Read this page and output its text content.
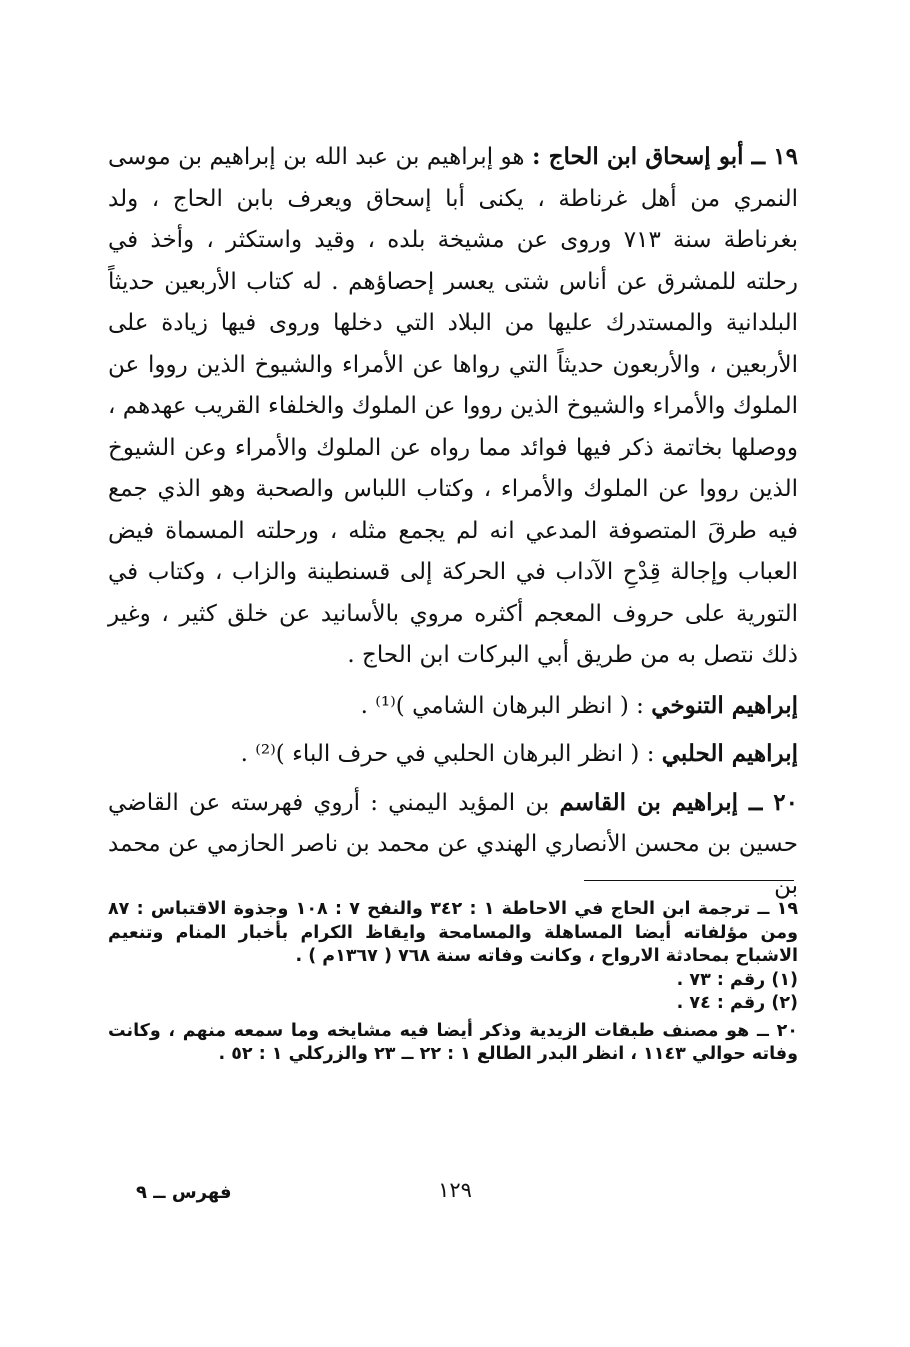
١٩ ــ أبو إسحاق ابن الحاج : هو إبراهيم بن عبد الله بن إبراهيم بن موسى النمري من أهل غرناطة ، يكنى أبا إسحاق ويعرف بابن الحاج ، ولد بغرناطة سنة ٧١٣ وروى عن مشيخة بلده ، وقيد واستكثر ، وأخذ في رحلته للمشرق عن أناس شتى يعسر إحصاؤهم . له كتاب الأربعين حديثاً البلدانية والمستدرك عليها من البلاد التي دخلها وروى فيها زيادة على الأربعين ، والأربعون حديثاً التي رواها عن الأمراء والشيوخ الذين رووا عن الملوك والأمراء والشيوخ الذين رووا عن الملوك والخلفاء القريب عهدهم ، ووصلها بخاتمة ذكر فيها فوائد مما رواه عن الملوك والأمراء وعن الشيوخ الذين رووا عن الملوك والأمراء ، وكتاب اللباس والصحبة وهو الذي جمع فيه طرقَ المتصوفة المدعي انه لم يجمع مثله ، ورحلته المسماة فيض العباب وإجالة قِدْحِ الآداب في الحركة إلى قسنطينة والزاب ، وكتاب في التورية على حروف المعجم أكثره مروي بالأسانيد عن خلق كثير ، وغير ذلك نتصل به من طريق أبي البركات ابن الحاج .

إبراهيم التنوخي : ( انظر البرهان الشامي )⁽¹⁾ .

إبراهيم الحلبي : ( انظر البرهان الحلبي في حرف الباء )⁽²⁾ .

٢٠ ــ إبراهيم بن القاسم بن المؤيد اليمني : أروي فهرسته عن القاضي حسين بن محسن الأنصاري الهندي عن محمد بن ناصر الحازمي عن محمد بن

١٩ ــ ترجمة ابن الحاج في الاحاطة ١ : ٣٤٢ والنفح ٧ : ١٠٨ وجذوة الاقتباس : ٨٧ ومن مؤلفاته أيضا المساهلة والمسامحة وايقاظ الكرام بأخبار المنام وتنعيم الاشباح بمحادثة الارواح ، وكانت وفاته سنة ٧٦٨ ( ١٣٦٧م ) .

(١) رقم : ٧٣ .

(٢) رقم : ٧٤ .

٢٠ ــ هو مصنف طبقات الزيدية وذكر أيضا فيه مشايخه وما سمعه منهم ، وكانت وفاته حوالي ١١٤٣ ، انظر البدر الطالع ١ : ٢٢ ــ ٢٣ والزركلي ١ : ٥٢ .

١٢٩
فهرس ــ ٩
